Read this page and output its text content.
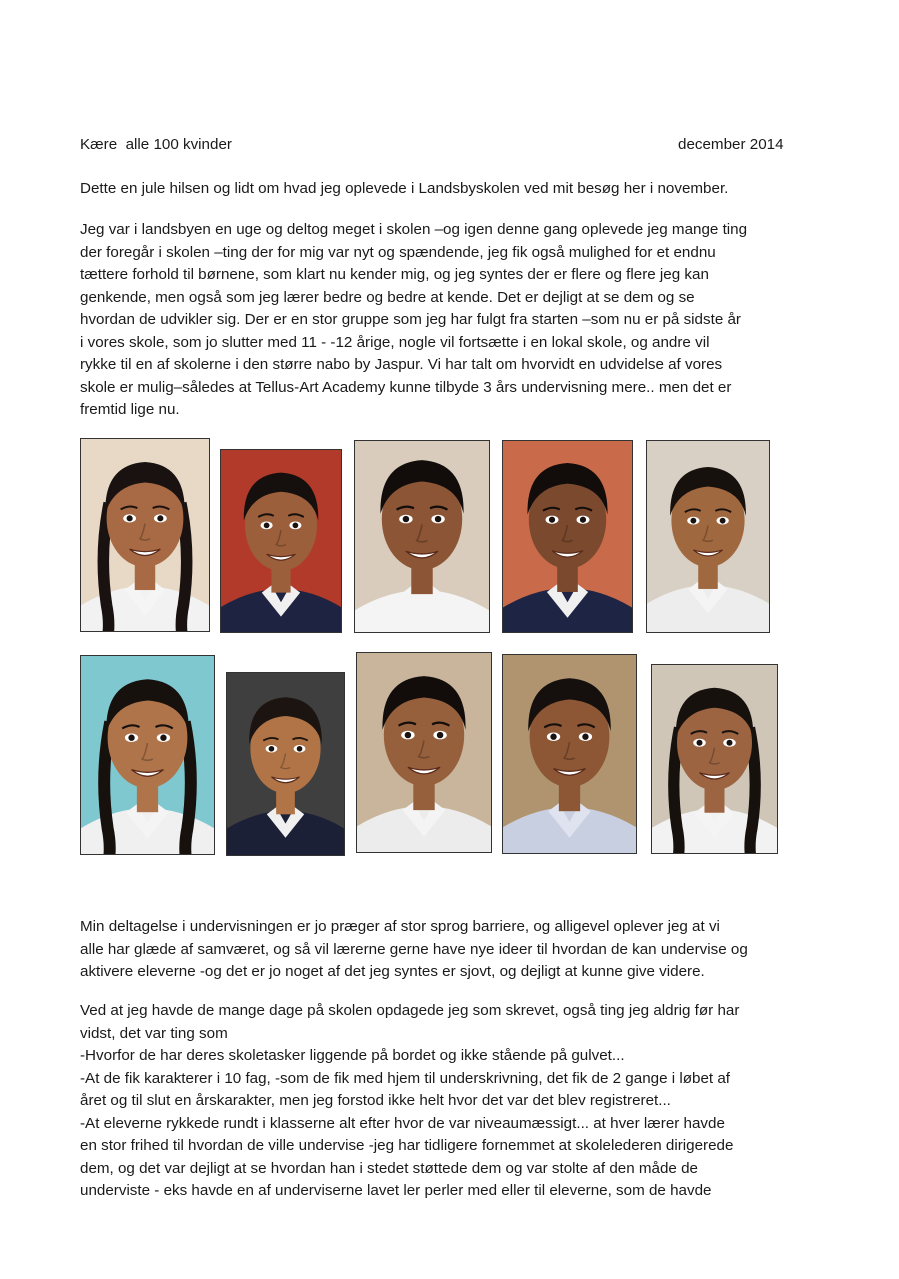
Kære  alle 100 kvinder	december 2014

Dette en jule hilsen og lidt om hvad jeg oplevede i Landsbyskolen ved mit besøg her i november.

Jeg var i landsbyen en uge og deltog meget i skolen –og igen denne gang oplevede jeg mange ting
der foregår i skolen –ting der for mig var nyt og spændende, jeg fik også mulighed for et endnu
tættere forhold til børnene, som klart nu kender mig, og jeg syntes der er flere og flere jeg kan
genkende, men også som jeg lærer bedre og bedre at kende. Det er dejligt at se dem og se
hvordan de udvikler sig. Der er en stor gruppe som jeg har fulgt fra starten –som nu er på sidste år
i vores skole, som jo slutter med 11 - -12 årige, nogle vil fortsætte i en lokal skole, og andre vil
rykke til en af skolerne i den større nabo by Jaspur. Vi har talt om hvorvidt en udvidelse af vores
skole er mulig–således at Tellus-Art Academy kunne tilbyde 3 års undervisning mere.. men det er
fremtid lige nu.

Min deltagelse i undervisningen er jo præger af stor sprog barriere, og alligevel oplever jeg at vi
alle har glæde af samværet, og så vil lærerne gerne have nye ideer til hvordan de kan undervise og
aktivere eleverne -og det er jo noget af det jeg syntes er sjovt, og dejligt at kunne give videre.

Ved at jeg havde de mange dage på skolen opdagede jeg som skrevet, også ting jeg aldrig før har
vidst, det var ting som
-Hvorfor de har deres skoletasker liggende på bordet og ikke stående på gulvet...
-At de fik karakterer i 10 fag, -som de fik med hjem til underskrivning, det fik de 2 gange i løbet af
året og til slut en årskarakter, men jeg forstod ikke helt hvor det var det blev registreret...
-At eleverne rykkede rundt i klasserne alt efter hvor de var niveaumæssigt... at hver lærer havde
en stor frihed til hvordan de ville undervise -jeg har tidligere fornemmet at skolelederen dirigerede
dem, og det var dejligt at se hvordan han i stedet støttede dem og var stolte af den måde de
underviste - eks havde en af underviserne lavet ler perler med eller til eleverne, som de havde
